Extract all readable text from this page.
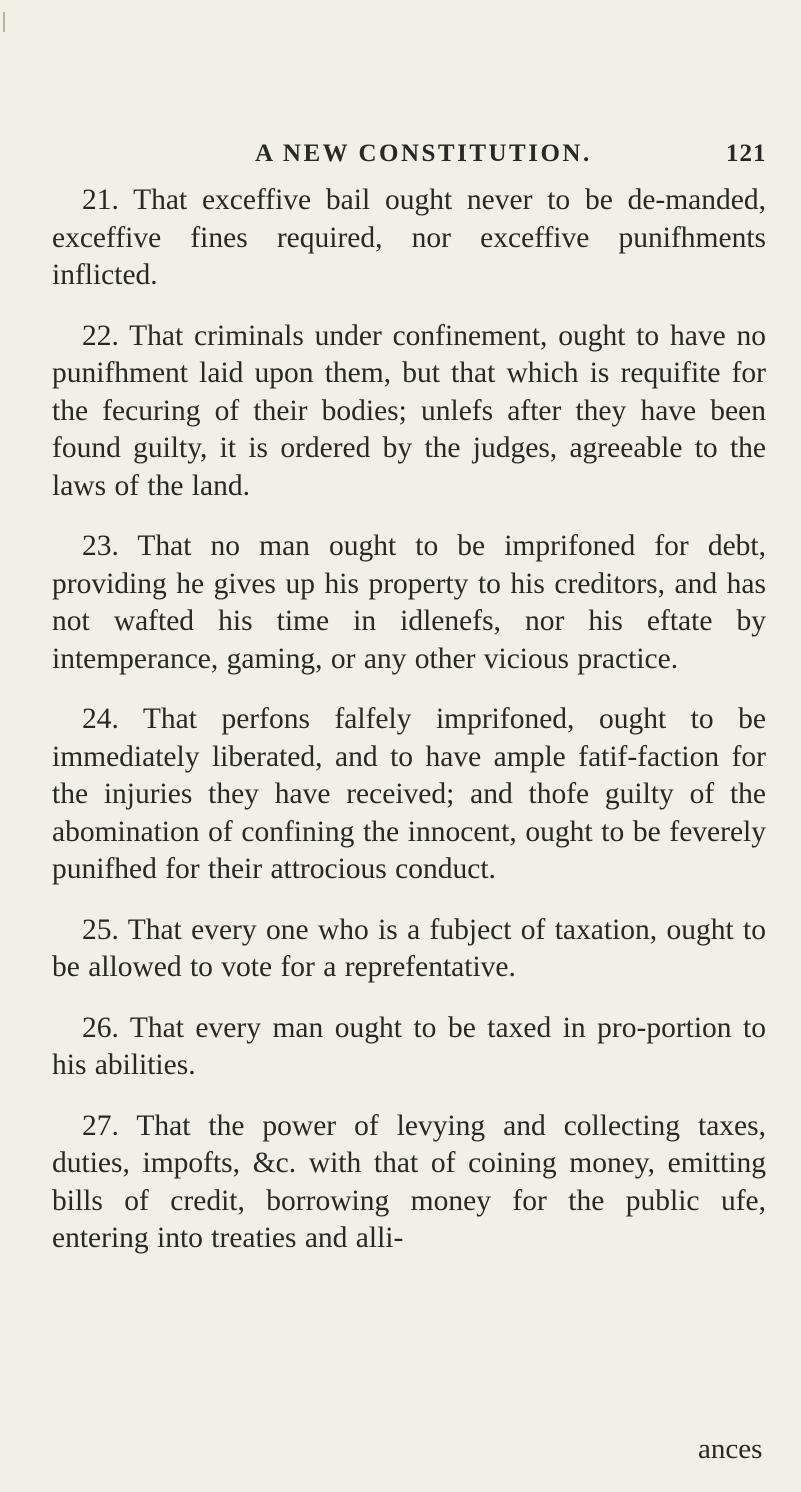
A NEW CONSTITUTION.	121

21. That exceffive bail ought never to be de-manded, exceffive fines required, nor exceffive punifhments inflicted.

22. That criminals under confinement, ought to have no punifhment laid upon them, but that which is requifite for the fecuring of their bodies; unlefs after they have been found guilty, it is ordered by the judges, agreeable to the laws of the land.

23. That no man ought to be imprifoned for debt, providing he gives up his property to his creditors, and has not wafted his time in idlenefs, nor his eftate by intemperance, gaming, or any other vicious practice.

24. That perfons falfely imprifoned, ought to be immediately liberated, and to have ample fatif-faction for the injuries they have received; and thofe guilty of the abomination of confining the innocent, ought to be feverely punifhed for their attrocious conduct.

25. That every one who is a fubject of taxation, ought to be allowed to vote for a reprefentative.

26. That every man ought to be taxed in pro-portion to his abilities.

27. That the power of levying and collecting taxes, duties, impofts, &c. with that of coining money, emitting bills of credit, borrowing money for the public ufe, entering into treaties and alli-

ances
